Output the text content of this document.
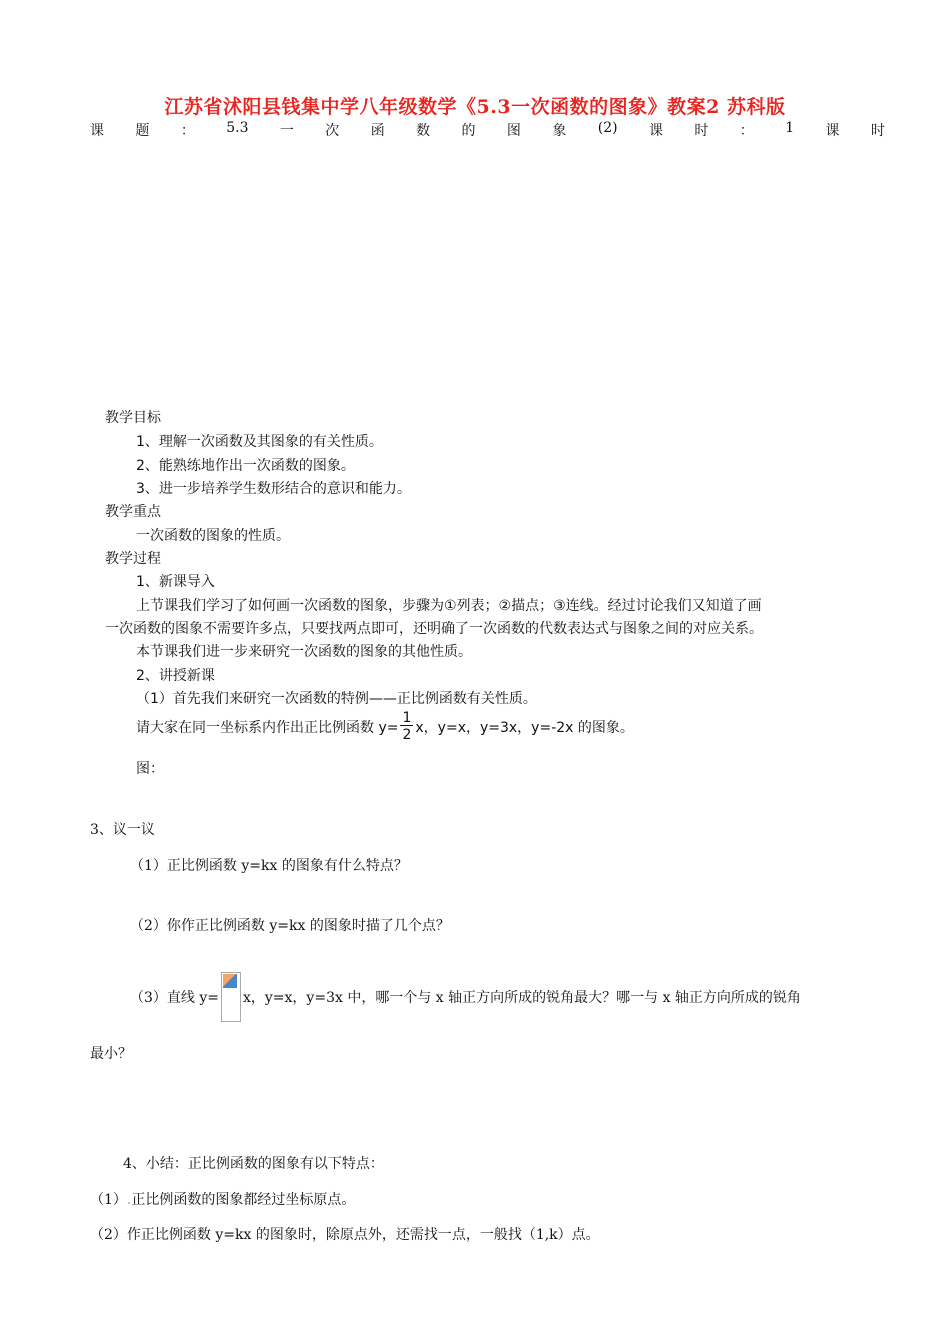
江苏省沭阳县钱集中学八年级数学《5.3一次函数的图象》教案2 苏科版
课 题 ： 5.3 一 次 函 数 的 图 象 (2) 课 时 ： 1 课 时
教学目标
1、理解一次函数及其图象的有关性质。
2、能熟练地作出一次函数的图象。
3、进一步培养学生数形结合的意识和能力。
教学重点
一次函数的图象的性质。
教学过程
1、新课导入
上节课我们学习了如何画一次函数的图象，步骤为①列表；②描点；③连线。经过讨论我们又知道了画
一次函数的图象不需要许多点，只要找两点即可，还明确了一次函数的代数表达式与图象之间的对应关系。
本节课我们进一步来研究一次函数的图象的其他性质。
2、讲授新课
（1）首先我们来研究一次函数的特例——正比例函数有关性质。
请大家在同一坐标系内作出正比例函数 $y= \frac{1}{2}$ x，y=x，y=3x，y=-2x 的图象。
图：
3、议一议
（1）正比例函数 y=kx 的图象有什么特点？
（2）你作正比例函数 y=kx 的图象时描了几个点？
（3）直线 y= x，y=x，y=3x 中，哪一个与 x 轴正方向所成的锐角最大？哪一与 x 轴正方向所成的锐角
最小？
4、小结：正比例函数的图象有以下特点：
（1）.正比例函数的图象都经过坐标原点。
（2）作正比例函数 y=kx 的图象时，除原点外，还需找一点，一般找（1,k）点。
